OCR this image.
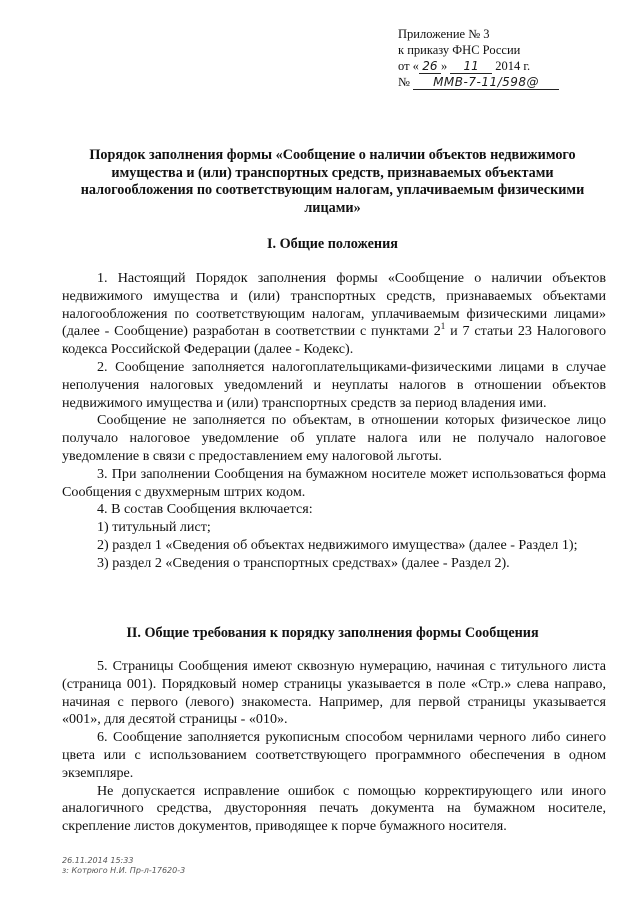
Приложение № 3
к приказу ФНС России
от « 26 » 11 2014 г.
№ ММВ-7-11/598@
Порядок заполнения формы «Сообщение о наличии объектов недвижимого имущества и (или) транспортных средств, признаваемых объектами налогообложения по соответствующим налогам, уплачиваемым физическими лицами»
I. Общие положения

1. Настоящий Порядок заполнения формы «Сообщение о наличии объектов недвижимого имущества и (или) транспортных средств, признаваемых объектами налогообложения по соответствующим налогам, уплачиваемым физическими лицами» (далее - Сообщение) разработан в соответствии с пунктами $2^1$ и 7 статьи 23 Налогового кодекса Российской Федерации (далее - Кодекс).

2. Сообщение заполняется налогоплательщиками-физическими лицами в случае неполучения налоговых уведомлений и неуплаты налогов в отношении объектов недвижимого имущества и (или) транспортных средств за период владения ими.

Сообщение не заполняется по объектам, в отношении которых физическое лицо получало налоговое уведомление об уплате налога или не получало налоговое уведомление в связи с предоставлением ему налоговой льготы.

3. При заполнении Сообщения на бумажном носителе может использоваться форма Сообщения с двухмерным штрих кодом.

4. В состав Сообщения включается:

1) титульный лист;

2) раздел 1 «Сведения об объектах недвижимого имущества» (далее - Раздел 1);

3) раздел 2 «Сведения о транспортных средствах» (далее - Раздел 2).

II. Общие требования к порядку заполнения формы Сообщения

5. Страницы Сообщения имеют сквозную нумерацию, начиная с титульного листа (страница 001). Порядковый номер страницы указывается в поле «Стр.» слева направо, начиная с первого (левого) знакоместа. Например, для первой страницы указывается «001», для десятой страницы - «010».

6. Сообщение заполняется рукописным способом чернилами черного либо синего цвета или с использованием соответствующего программного обеспечения в одном экземпляре.

Не допускается исправление ошибок с помощью корректирующего или иного аналогичного средства, двусторонняя печать документа на бумажном носителе, скрепление листов документов, приводящее к порче бумажного носителя.

26.11.2014 15:33
з: Котрюго Н.И. Пр-л-17620-3
